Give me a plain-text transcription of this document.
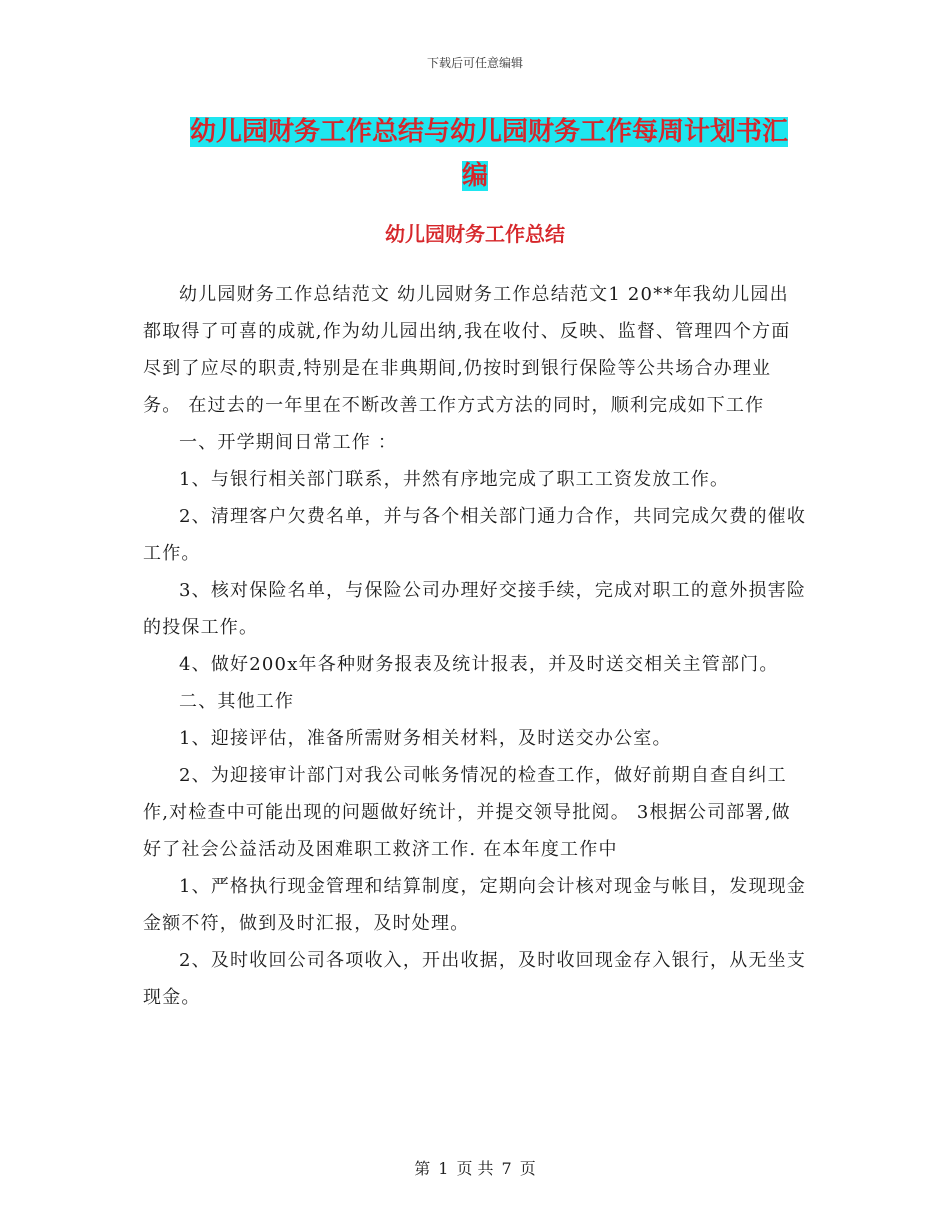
下载后可任意编辑
幼儿园财务工作总结与幼儿园财务工作每周计划书汇
编
幼儿园财务工作总结

幼儿园财务工作总结范文 幼儿园财务工作总结范文1 20**年我幼儿园出都取得了可喜的成就,作为幼儿园出纳,我在收付、反映、监督、管理四个方面尽到了应尽的职责,特别是在非典期间,仍按时到银行保险等公共场合办理业务。 在过去的一年里在不断改善工作方式方法的同时，顺利完成如下工作

一、开学期间日常工作 ：

1、与银行相关部门联系，井然有序地完成了职工工资发放工作。

2、清理客户欠费名单，并与各个相关部门通力合作，共同完成欠费的催收工作。

3、核对保险名单，与保险公司办理好交接手续，完成对职工的意外损害险的投保工作。

4、做好200x年各种财务报表及统计报表，并及时送交相关主管部门。

二、其他工作

1、迎接评估，准备所需财务相关材料，及时送交办公室。

2、为迎接审计部门对我公司帐务情况的检查工作，做好前期自查自纠工作,对检查中可能出现的问题做好统计，并提交领导批阅。 3根据公司部署,做好了社会公益活动及困难职工救济工作. 在本年度工作中

1、严格执行现金管理和结算制度，定期向会计核对现金与帐目，发现现金金额不符，做到及时汇报，及时处理。

2、及时收回公司各项收入，开出收据，及时收回现金存入银行，从无坐支现金。

第 1 页 共 7 页
